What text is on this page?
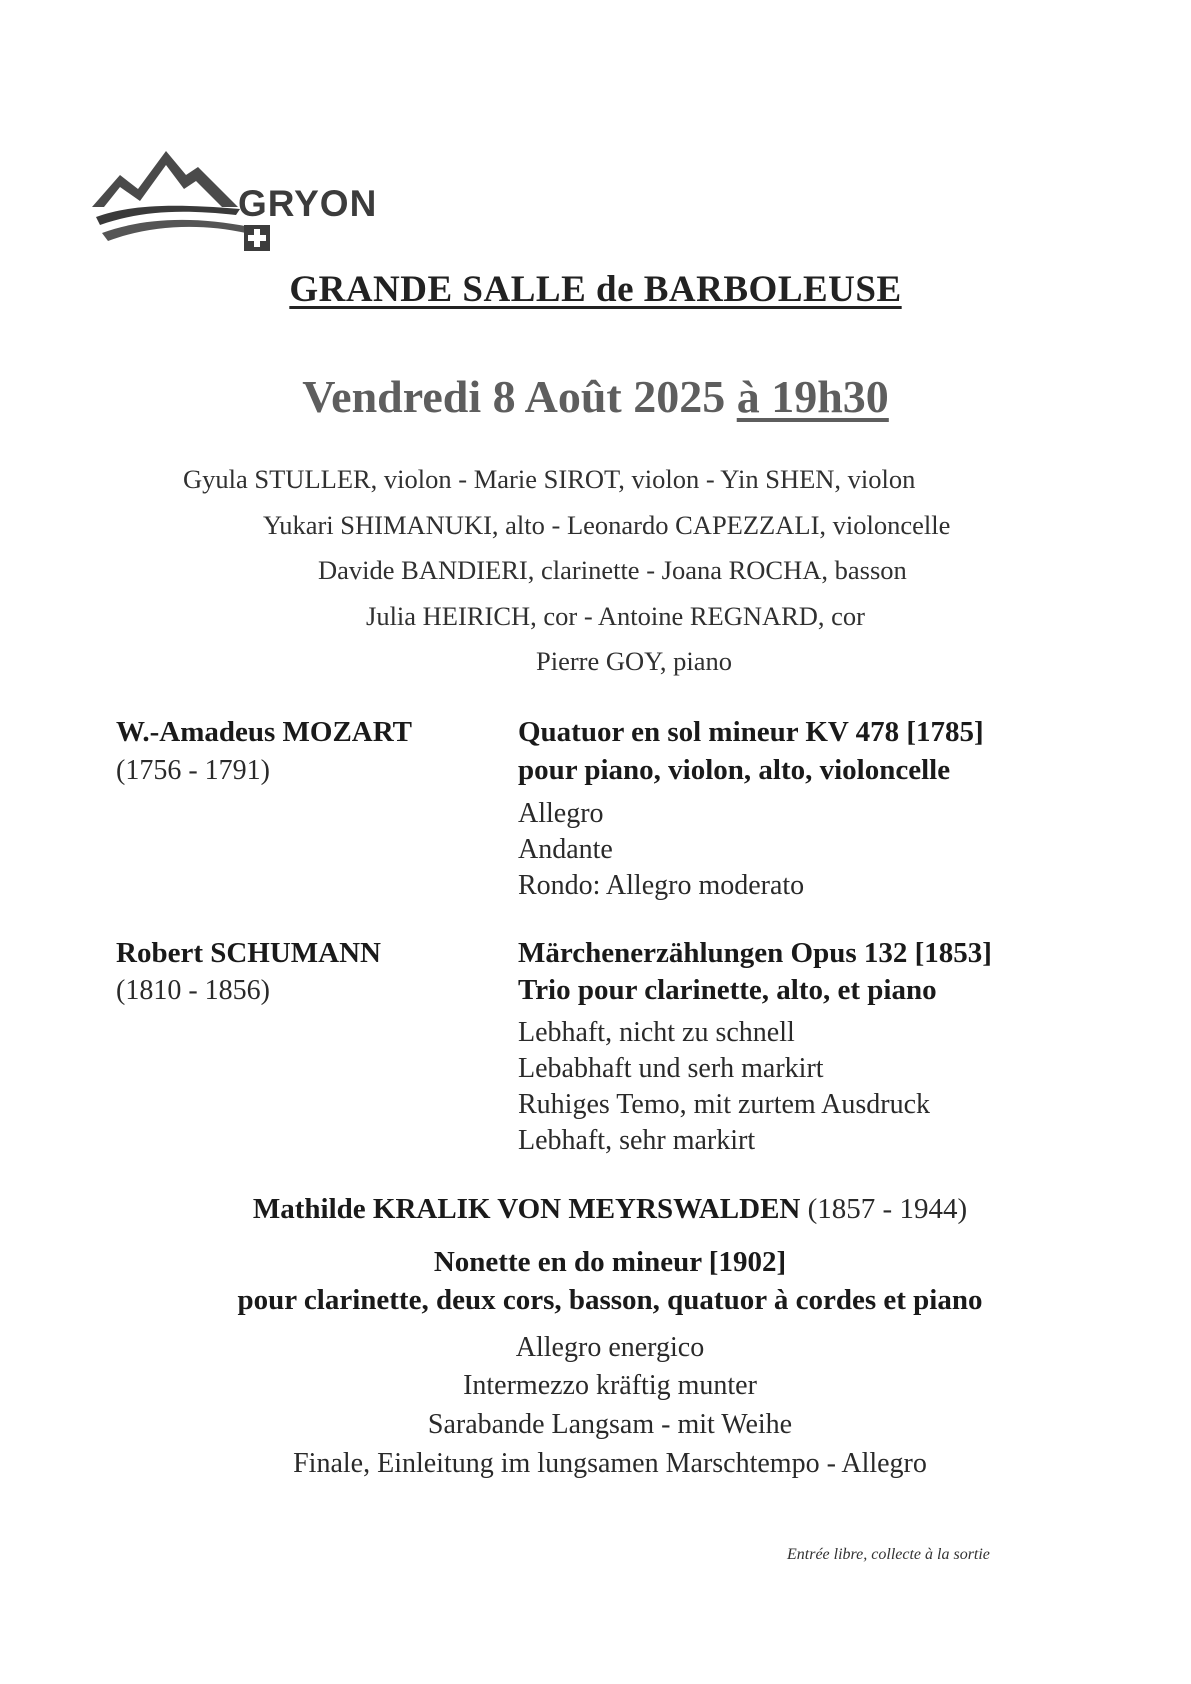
GRYON
GRANDE SALLE de BARBOLEUSE
Vendredi 8 Août 2025 à 19h30
Gyula STULLER, violon - Marie SIROT, violon - Yin SHEN, violon
Yukari SHIMANUKI, alto - Leonardo CAPEZZALI, violoncelle
Davide BANDIERI, clarinette - Joana ROCHA, basson
Julia HEIRICH, cor - Antoine REGNARD, cor
Pierre GOY, piano
W.-Amadeus MOZART
(1756 - 1791)
Quatuor en sol mineur KV 478 [1785]
pour piano, violon, alto, violoncelle
Allegro
Andante
Rondo: Allegro moderato
Robert SCHUMANN
(1810 - 1856)
Märchenerzählungen Opus 132 [1853]
Trio pour clarinette, alto, et piano
Lebhaft, nicht zu schnell
Lebabhaft und serh markirt
Ruhiges Temo, mit zurtem Ausdruck
Lebhaft, sehr markirt
Mathilde KRALIK VON MEYRSWALDEN (1857 - 1944)
Nonette en do mineur [1902]
pour clarinette, deux cors, basson, quatuor à cordes et piano
Allegro energico
Intermezzo kräftig munter
Sarabande Langsam - mit Weihe
Finale, Einleitung im lungsamen Marschtempo - Allegro
Entrée libre, collecte à la sortie
